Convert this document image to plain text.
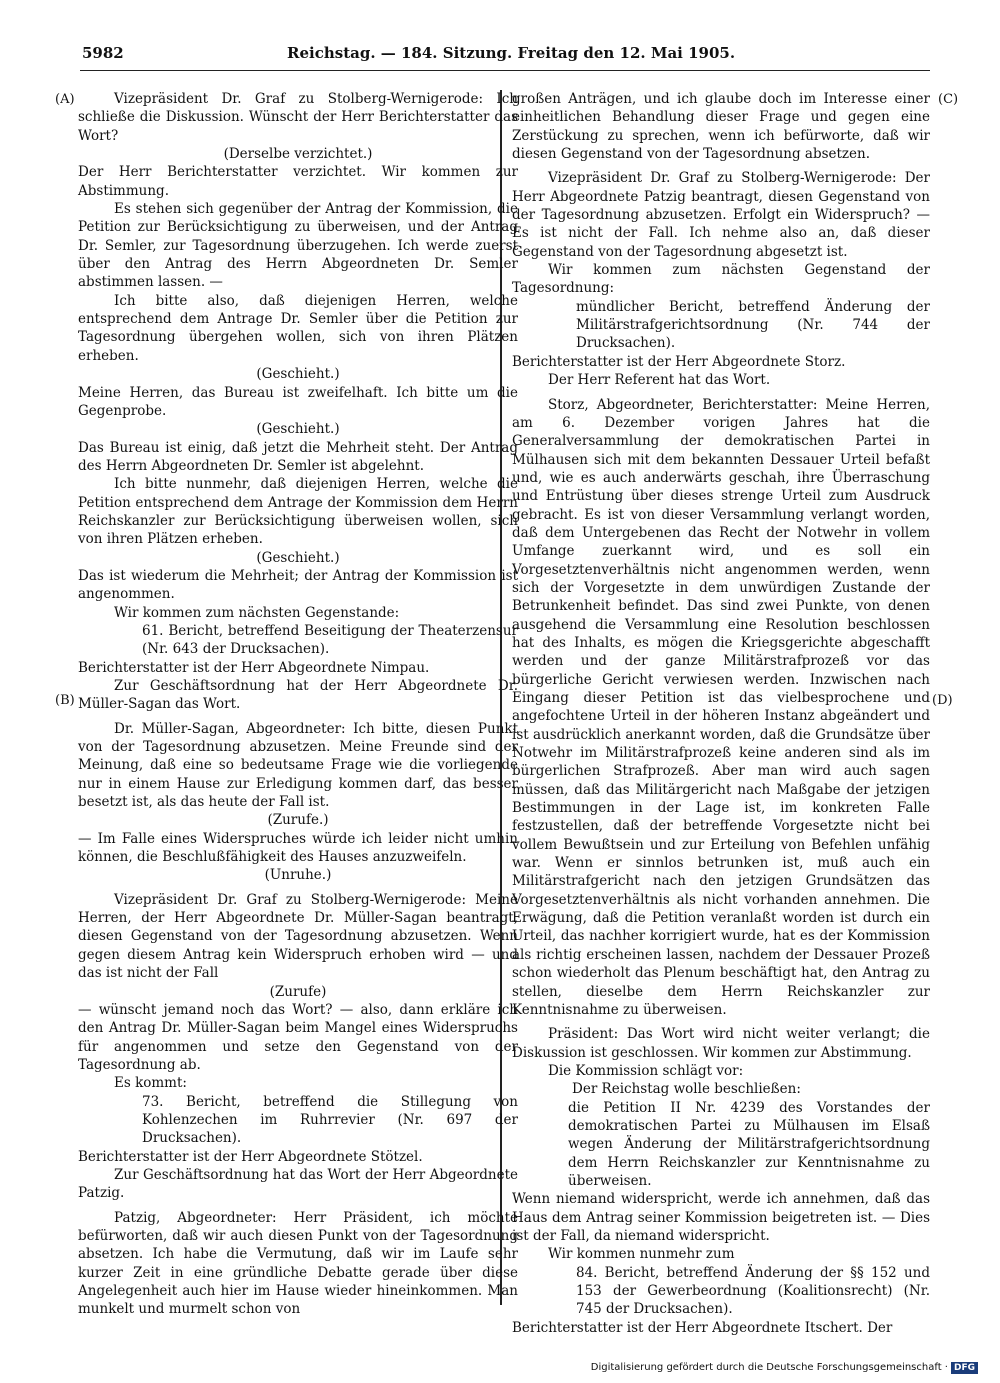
5982	Reichstag. — 184. Sitzung. Freitag den 12. Mai 1905.
(A)
(B)
(C)
(D)

Vizepräsident Dr. Graf zu Stolberg-Wernigerode: Ich schließe die Diskussion. Wünscht der Herr Berichterstatter das Wort?

(Derselbe verzichtet.)

Der Herr Berichterstatter verzichtet. Wir kommen zur Abstimmung.

Es stehen sich gegenüber der Antrag der Kommission, die Petition zur Berücksichtigung zu überweisen, und der Antrag Dr. Semler, zur Tagesordnung überzugehen. Ich werde zuerst über den Antrag des Herrn Abgeordneten Dr. Semler abstimmen lassen. —

Ich bitte also, daß diejenigen Herren, welche entsprechend dem Antrage Dr. Semler über die Petition zur Tagesordnung übergehen wollen, sich von ihren Plätzen erheben.

(Geschieht.)

Meine Herren, das Bureau ist zweifelhaft. Ich bitte um die Gegenprobe.

(Geschieht.)

Das Bureau ist einig, daß jetzt die Mehrheit steht. Der Antrag des Herrn Abgeordneten Dr. Semler ist abgelehnt.

Ich bitte nunmehr, daß diejenigen Herren, welche die Petition entsprechend dem Antrage der Kommission dem Herrn Reichskanzler zur Berücksichtigung überweisen wollen, sich von ihren Plätzen erheben.

(Geschieht.)

Das ist wiederum die Mehrheit; der Antrag der Kommission ist angenommen.

Wir kommen zum nächsten Gegenstande:

61. Bericht, betreffend Beseitigung der Theaterzensur (Nr. 643 der Drucksachen).

Berichterstatter ist der Herr Abgeordnete Nimpau.

Zur Geschäftsordnung hat der Herr Abgeordnete Dr. Müller-Sagan das Wort.

Dr. Müller-Sagan, Abgeordneter: Ich bitte, diesen Punkt von der Tagesordnung abzusetzen. Meine Freunde sind der Meinung, daß eine so bedeutsame Frage wie die vorliegende nur in einem Hause zur Erledigung kommen darf, das besser besetzt ist, als das heute der Fall ist.

(Zurufe.)

— Im Falle eines Widerspruches würde ich leider nicht umhin können, die Beschlußfähigkeit des Hauses anzuzweifeln.

(Unruhe.)

Vizepräsident Dr. Graf zu Stolberg-Wernigerode: Meine Herren, der Herr Abgeordnete Dr. Müller-Sagan beantragt, diesen Gegenstand von der Tagesordnung abzusetzen. Wenn gegen diesem Antrag kein Widerspruch erhoben wird — und das ist nicht der Fall

(Zurufe)

— wünscht jemand noch das Wort? — also, dann erkläre ich den Antrag Dr. Müller-Sagan beim Mangel eines Widerspruchs für angenommen und setze den Gegenstand von der Tagesordnung ab.

Es kommt:

73. Bericht, betreffend die Stillegung von Kohlenzechen im Ruhrrevier (Nr. 697 der Drucksachen).

Berichterstatter ist der Herr Abgeordnete Stötzel.

Zur Geschäftsordnung hat das Wort der Herr Abgeordnete Patzig.

Patzig, Abgeordneter: Herr Präsident, ich möchte befürworten, daß wir auch diesen Punkt von der Tagesordnung absetzen. Ich habe die Vermutung, daß wir im Laufe sehr kurzer Zeit in eine gründliche Debatte gerade über diese Angelegenheit auch hier im Hause wieder hineinkommen. Man munkelt und murmelt schon von

großen Anträgen, und ich glaube doch im Interesse einer einheitlichen Behandlung dieser Frage und gegen eine Zerstückung zu sprechen, wenn ich befürworte, daß wir diesen Gegenstand von der Tagesordnung absetzen.

Vizepräsident Dr. Graf zu Stolberg-Wernigerode: Der Herr Abgeordnete Patzig beantragt, diesen Gegenstand von der Tagesordnung abzusetzen. Erfolgt ein Widerspruch? — Es ist nicht der Fall. Ich nehme also an, daß dieser Gegenstand von der Tagesordnung abgesetzt ist.

Wir kommen zum nächsten Gegenstand der Tagesordnung:

mündlicher Bericht, betreffend Änderung der Militärstrafgerichtsordnung (Nr. 744 der Drucksachen).

Berichterstatter ist der Herr Abgeordnete Storz.

Der Herr Referent hat das Wort.

Storz, Abgeordneter, Berichterstatter: Meine Herren, am 6. Dezember vorigen Jahres hat die Generalversammlung der demokratischen Partei in Mülhausen sich mit dem bekannten Dessauer Urteil befaßt und, wie es auch anderwärts geschah, ihre Überraschung und Entrüstung über dieses strenge Urteil zum Ausdruck gebracht. Es ist von dieser Versammlung verlangt worden, daß dem Untergebenen das Recht der Notwehr in vollem Umfange zuerkannt wird, und es soll ein Vorgesetztenverhältnis nicht angenommen werden, wenn sich der Vorgesetzte in dem unwürdigen Zustande der Betrunkenheit befindet. Das sind zwei Punkte, von denen ausgehend die Versammlung eine Resolution beschlossen hat des Inhalts, es mögen die Kriegsgerichte abgeschafft werden und der ganze Militärstrafprozeß vor das bürgerliche Gericht verwiesen werden. Inzwischen nach Eingang dieser Petition ist das vielbesprochene und angefochtene Urteil in der höheren Instanz abgeändert und ist ausdrücklich anerkannt worden, daß die Grundsätze über Notwehr im Militärstrafprozeß keine anderen sind als im bürgerlichen Strafprozeß. Aber man wird auch sagen müssen, daß das Militärgericht nach Maßgabe der jetzigen Bestimmungen in der Lage ist, im konkreten Falle festzustellen, daß der betreffende Vorgesetzte nicht bei vollem Bewußtsein und zur Erteilung von Befehlen unfähig war. Wenn er sinnlos betrunken ist, muß auch ein Militärstrafgericht nach den jetzigen Grundsätzen das Vorgesetztenverhältnis als nicht vorhanden annehmen. Die Erwägung, daß die Petition veranlaßt worden ist durch ein Urteil, das nachher korrigiert wurde, hat es der Kommission als richtig erscheinen lassen, nachdem der Dessauer Prozeß schon wiederholt das Plenum beschäftigt hat, den Antrag zu stellen, dieselbe dem Herrn Reichskanzler zur Kenntnisnahme zu überweisen.

Präsident: Das Wort wird nicht weiter verlangt; die Diskussion ist geschlossen. Wir kommen zur Abstimmung.

Die Kommission schlägt vor:

Der Reichstag wolle beschließen:

die Petition II Nr. 4239 des Vorstandes der demokratischen Partei zu Mülhausen im Elsaß wegen Änderung der Militärstrafgerichtsordnung dem Herrn Reichskanzler zur Kenntnisnahme zu überweisen.

Wenn niemand widerspricht, werde ich annehmen, daß das Haus dem Antrag seiner Kommission beigetreten ist. — Dies ist der Fall, da niemand widerspricht.

Wir kommen nunmehr zum

84. Bericht, betreffend Änderung der §§ 152 und 153 der Gewerbeordnung (Koalitionsrecht) (Nr. 745 der Drucksachen).

Berichterstatter ist der Herr Abgeordnete Itschert. Der

Digitalisierung gefördert durch die Deutsche Forschungsgemeinschaft · DFG
